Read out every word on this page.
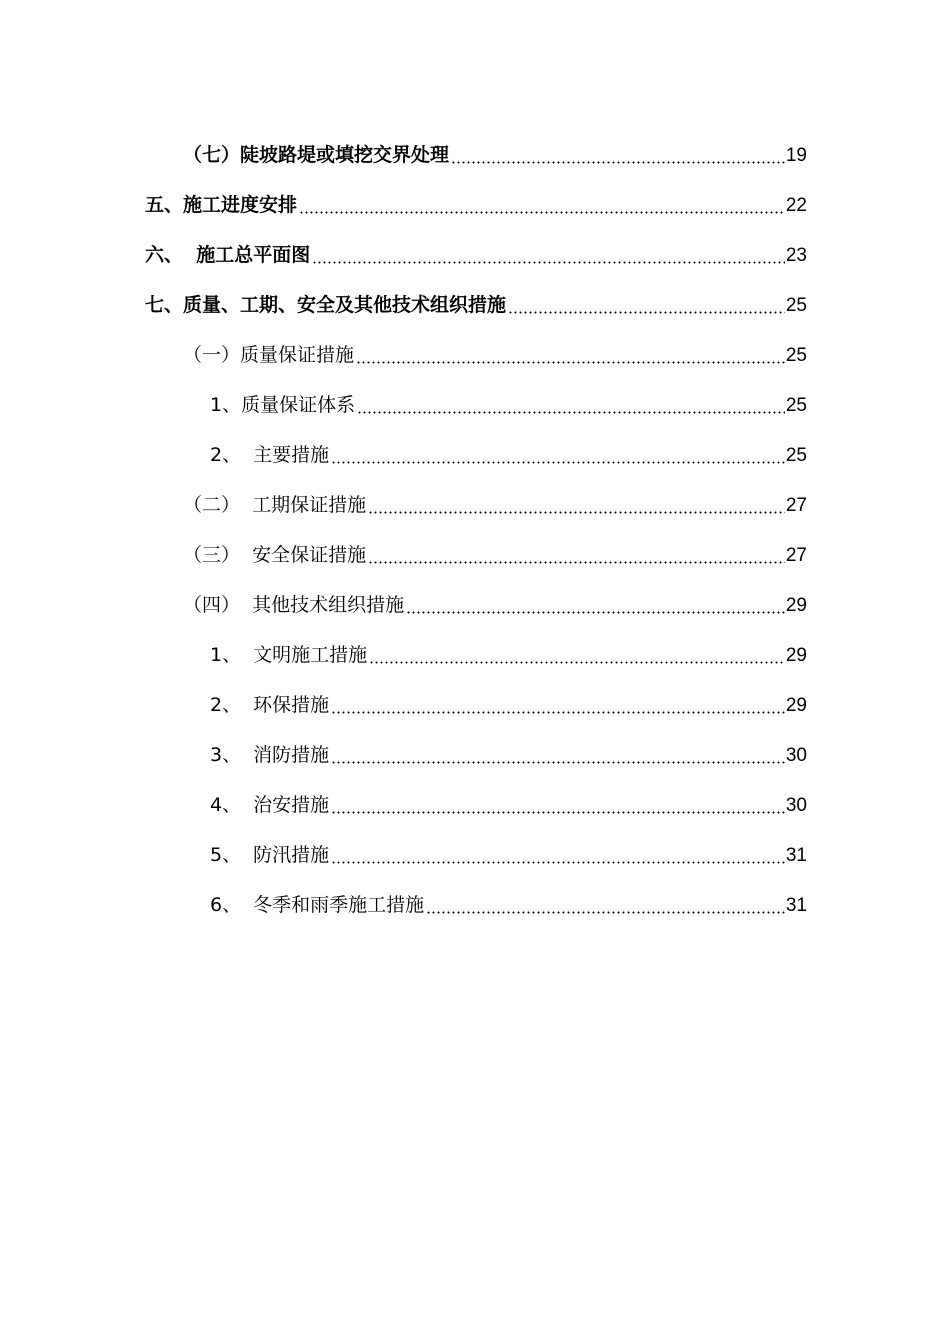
（七）陡坡路堤或填挖交界处理	19
五、施工进度安排	22
六、  施工总平面图	23
七、质量、工期、安全及其他技术组织措施	25
（一）质量保证措施	25
1、质量保证体系	25
2、  主要措施	25
（二）  工期保证措施	27
（三）  安全保证措施	27
（四）  其他技术组织措施	29
1、  文明施工措施	29
2、  环保措施	29
3、  消防措施	30
4、  治安措施	30
5、  防汛措施	31
6、  冬季和雨季施工措施	31
